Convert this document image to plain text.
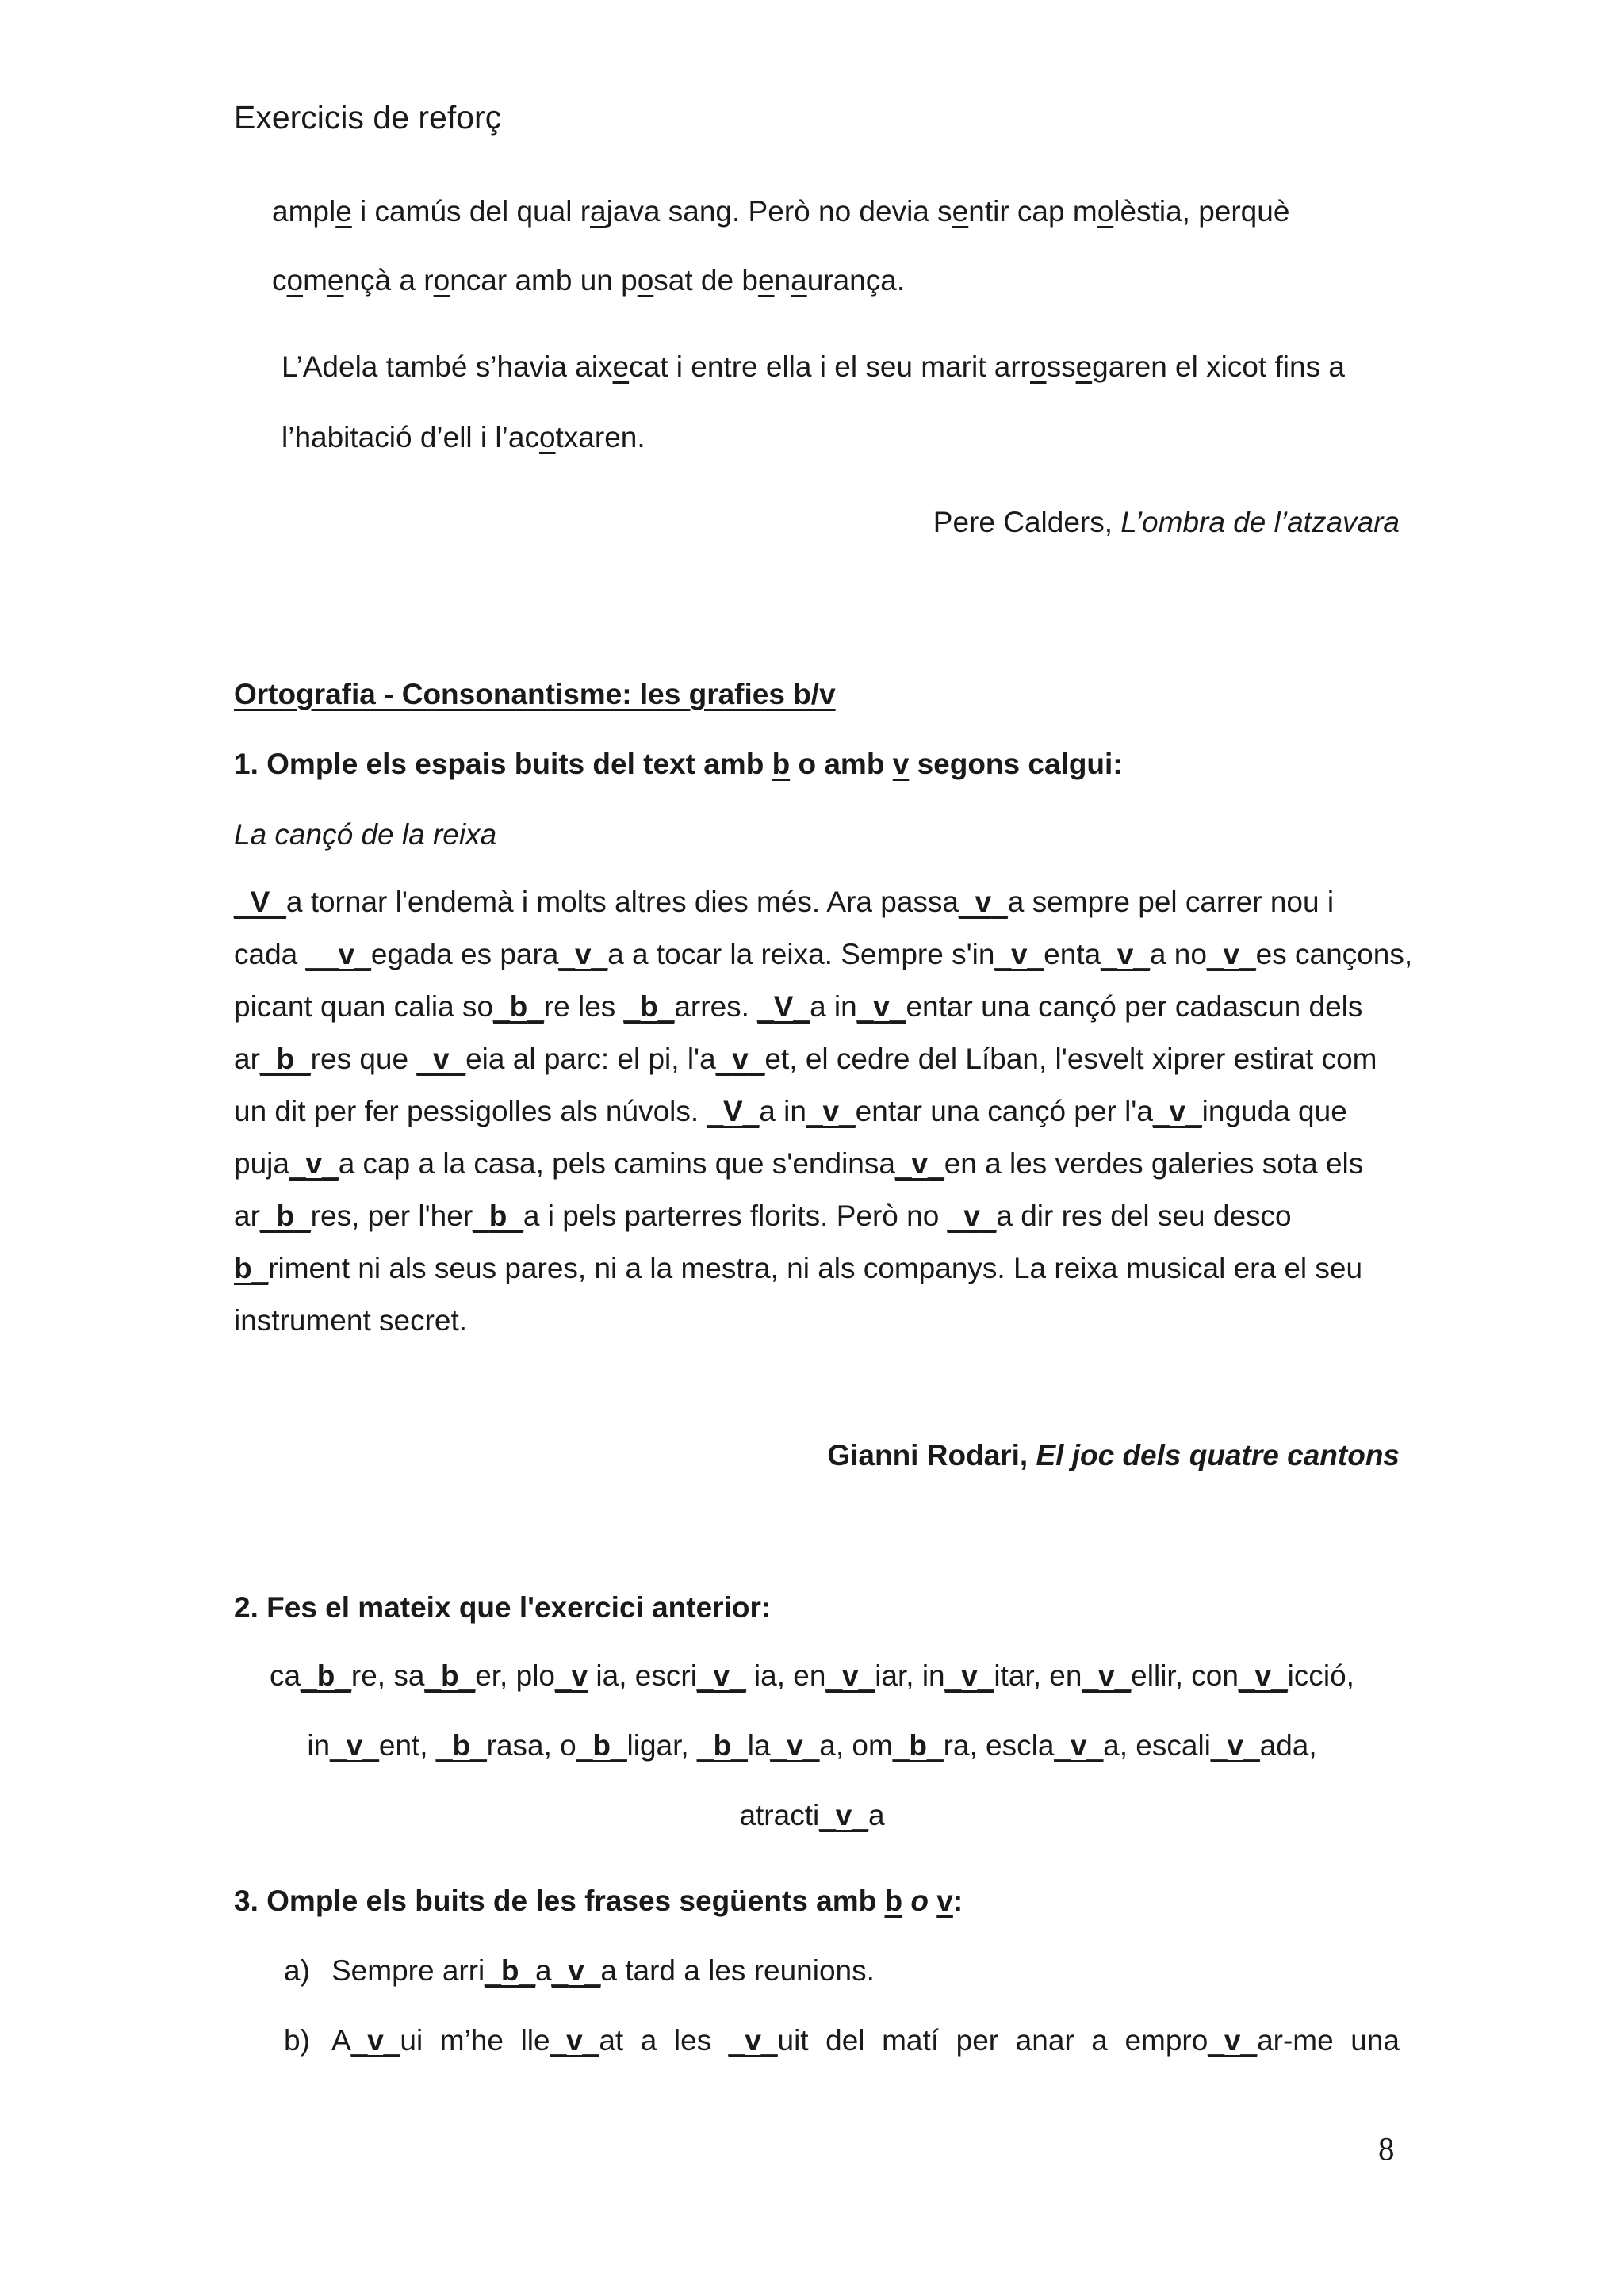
Exercicis de reforç
ample i camús del qual rajava sang. Però no devia sentir cap molèstia, perquè
començà a roncar amb un posat de benaurança.
L’Adela també s’havia aixecat i entre ella i el seu marit arrossegaren el xicot fins a
l’habitació d’ell i l’acotxaren.
Pere Calders, L’ombra de l’atzavara
Ortografia - Consonantisme: les grafies b/v
1. Omple els espais buits del text amb b o amb v segons calgui:
La cançó de la reixa
_V_a tornar l'endemà i molts altres dies més. Ara passa_v_a sempre pel carrer nou i
cada __v_egada es para_v_a a tocar la reixa. Sempre s'in_v_enta_v_a no_v_es cançons,
picant quan calia so_b_re les _b_arres. _V_a in_v_entar una cançó per cadascun dels
ar_b_res que _v_eia al parc: el pi, l'a_v_et, el cedre del Líban, l'esvelt xiprer estirat com
un dit per fer pessigolles als núvols. _V_a in_v_entar una cançó per l'a_v_inguda que
puja_v_a cap a la casa, pels camins que s'endinsa_v_en a les verdes galeries sota els
ar_b_res, per l'her_b_a i pels parterres florits. Però no _v_a dir res del seu desco
b_riment ni als seus pares, ni a la mestra, ni als companys. La reixa musical era el seu
instrument secret.
Gianni Rodari, El joc dels quatre cantons
2. Fes el mateix que l'exercici anterior:
ca_b_re, sa_b_er, plo_v ia, escri_v_ ia, en_v_iar, in_v_itar, en_v_ellir, con_v_icció,
in_v_ent, _b_rasa, o_b_ligar, _b_la_v_a, om_b_ra, escla_v_a, escali_v_ada,
atracti_v_a
3. Omple els buits de les frases següents amb b o v:
a) Sempre arri_b_a_v_a tard a les reunions.
b) A_v_ui m’he lle_v_at a les _v_uit del matí per anar a empro_v_ar-me una
8
